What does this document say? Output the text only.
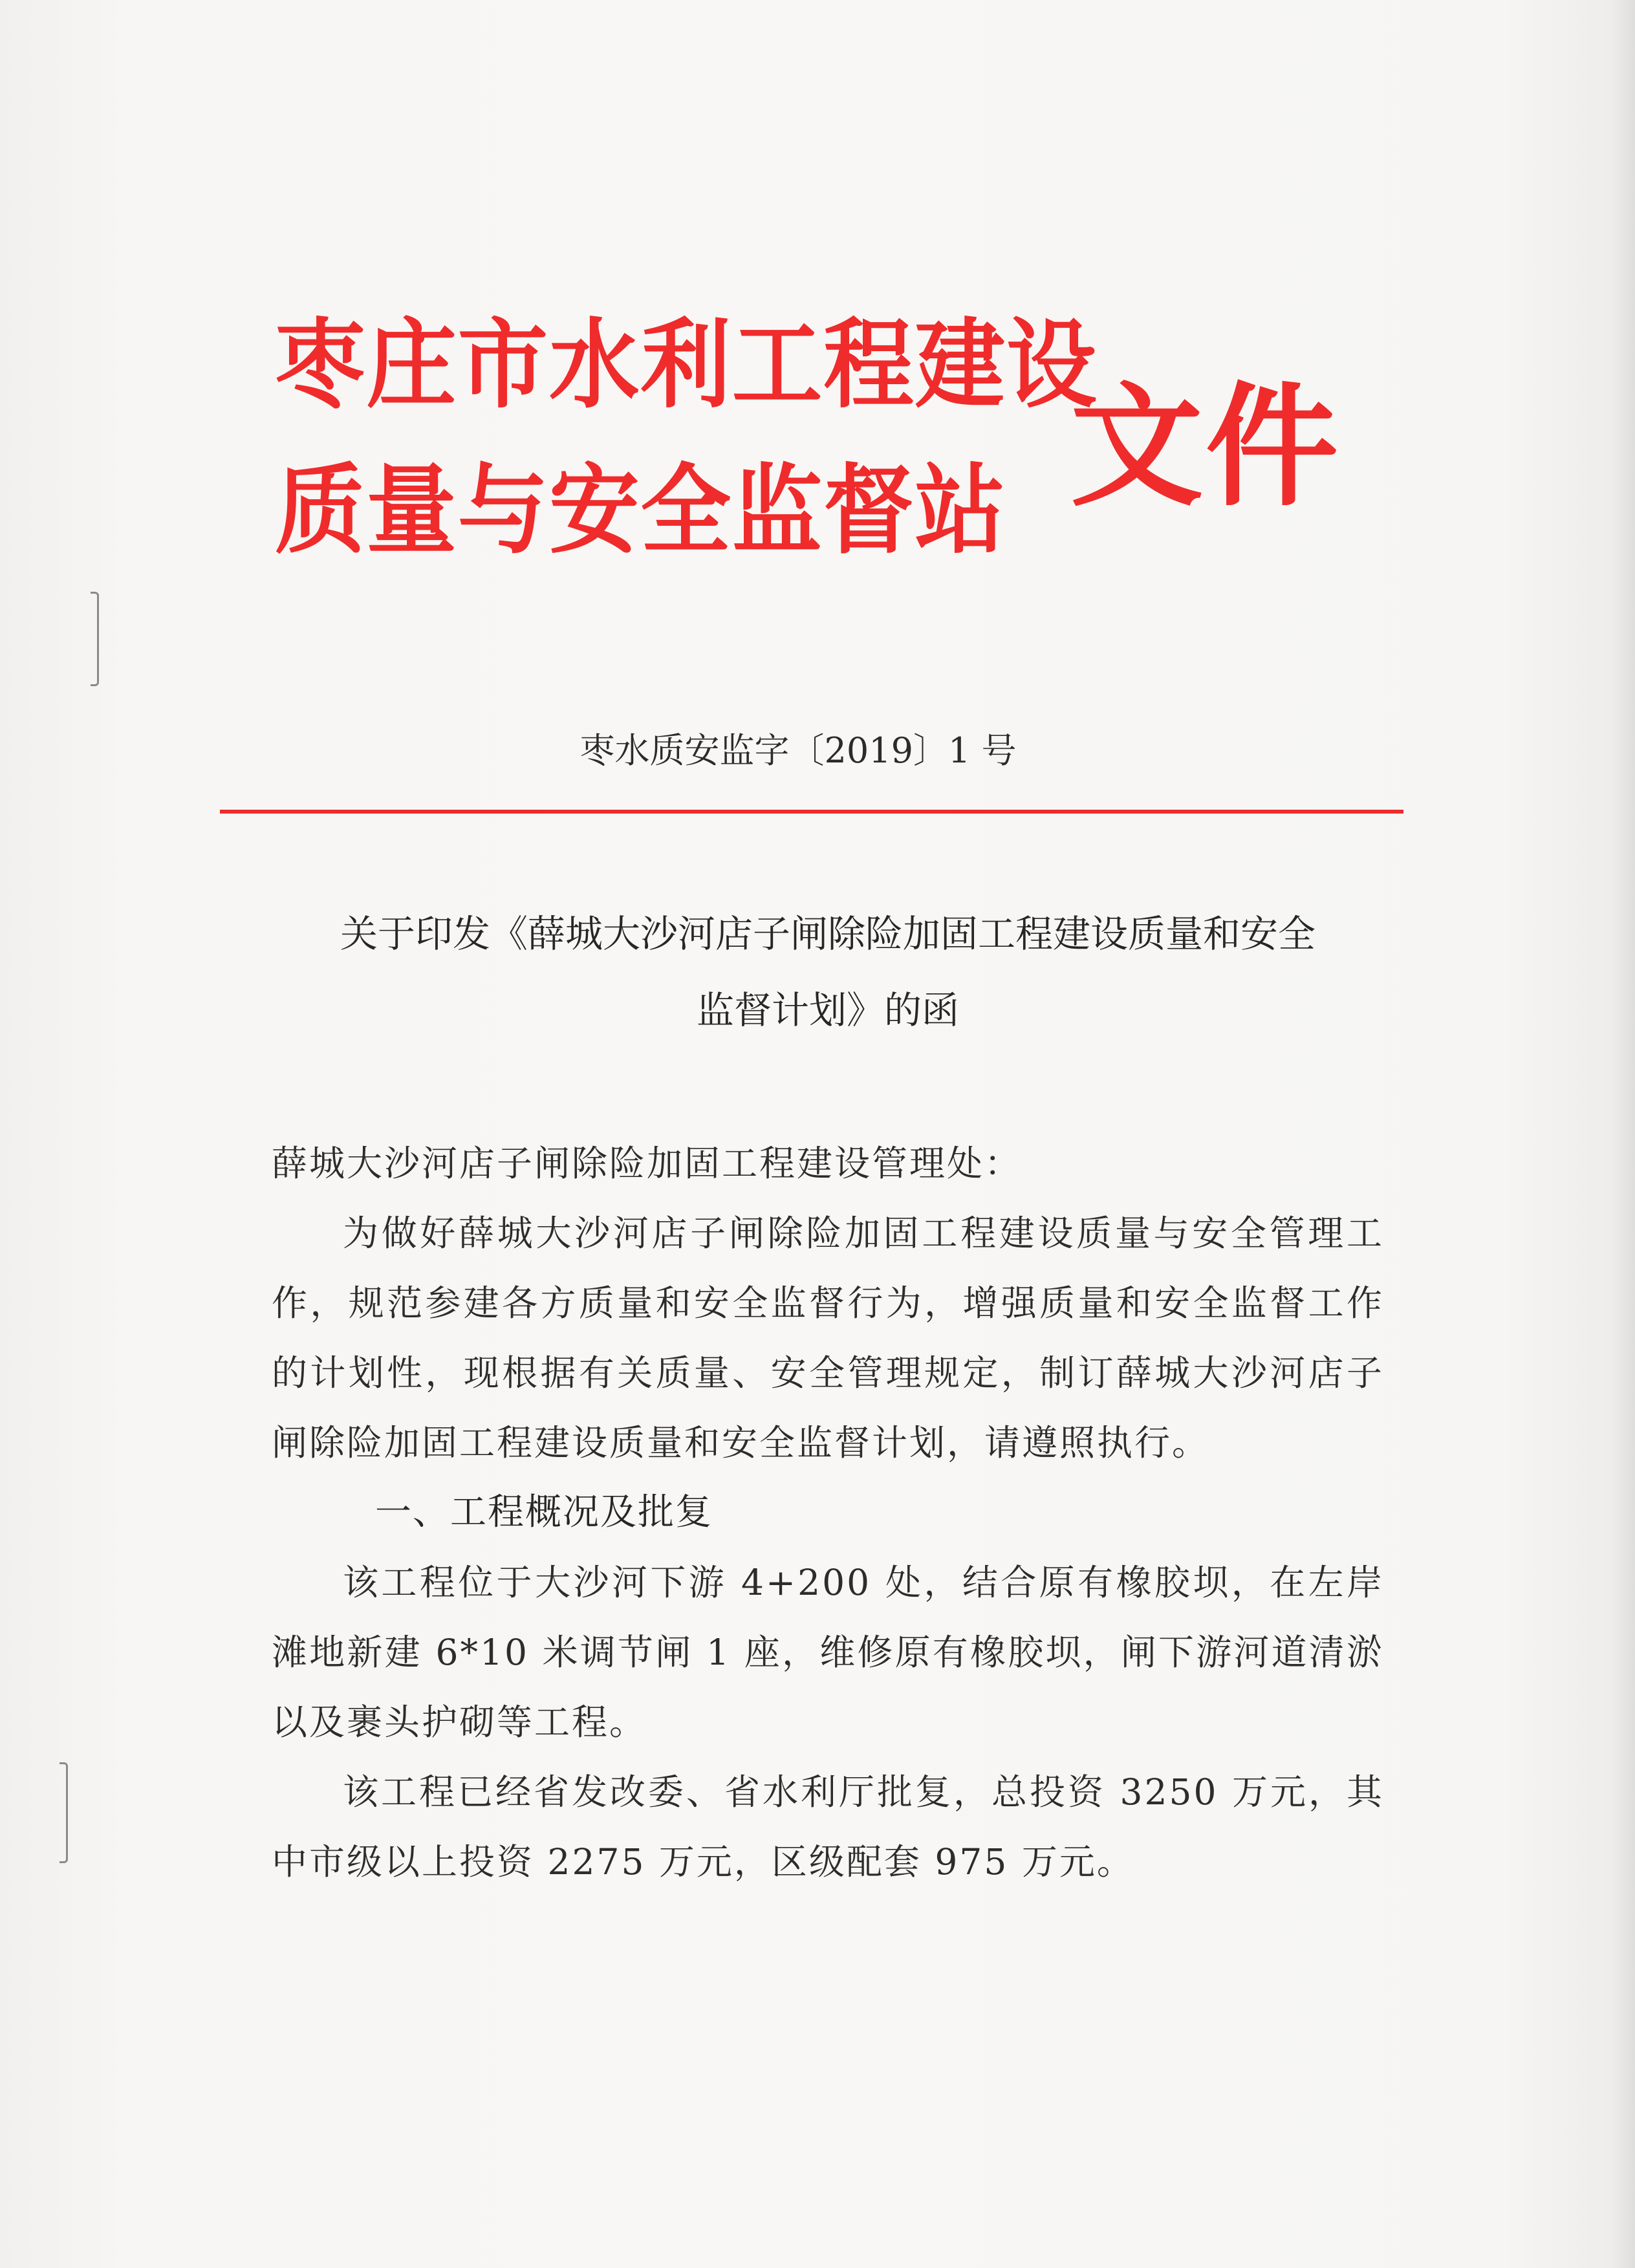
枣庄市水利工程建设
质量与安全监督站 文件
枣水质安监字〔2019〕1 号
关于印发《薛城大沙河店子闸除险加固工程建设质量和安全
监督计划》的函

薛城大沙河店子闸除险加固工程建设管理处：

为做好薛城大沙河店子闸除险加固工程建设质量与安全管理工作，规范参建各方质量和安全监督行为，增强质量和安全监督工作的计划性，现根据有关质量、安全管理规定，制订薛城大沙河店子闸除险加固工程建设质量和安全监督计划，请遵照执行。

一、工程概况及批复

该工程位于大沙河下游 4+200 处，结合原有橡胶坝，在左岸滩地新建 6*10 米调节闸 1 座，维修原有橡胶坝，闸下游河道清淤以及裹头护砌等工程。

该工程已经省发改委、省水利厅批复，总投资 3250 万元，其中市级以上投资 2275 万元，区级配套 975 万元。
